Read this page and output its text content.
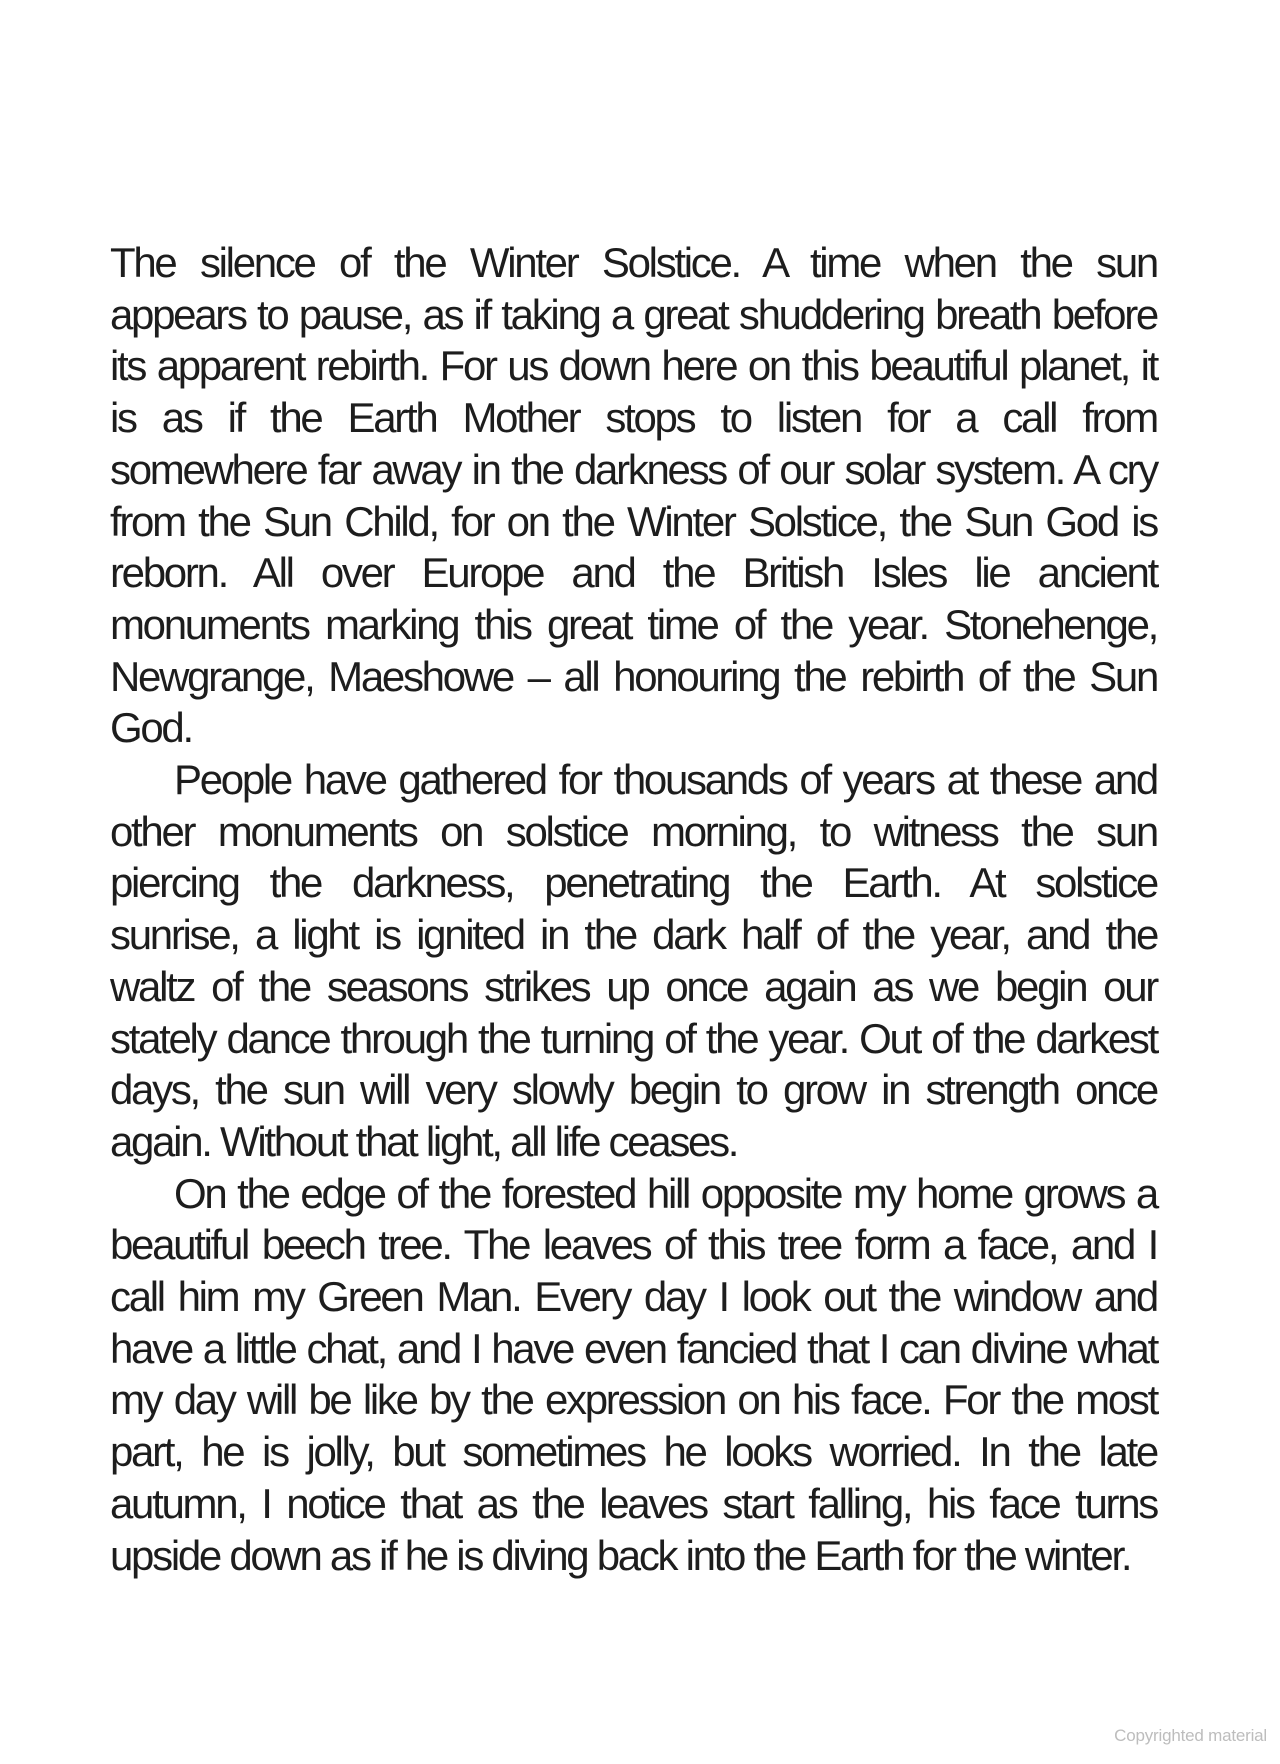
The silence of the Winter Solstice. A time when the sun
appears to pause, as if taking a great shuddering breath before
its apparent rebirth. For us down here on this beautiful planet, it
is as if the Earth Mother stops to listen for a call from
somewhere far away in the darkness of our solar system. A cry
from the Sun Child, for on the Winter Solstice, the Sun God is
reborn. All over Europe and the British Isles lie ancient
monuments marking this great time of the year. Stonehenge,
Newgrange, Maeshowe – all honouring the rebirth of the Sun
God.
People have gathered for thousands of years at these and
other monuments on solstice morning, to witness the sun
piercing the darkness, penetrating the Earth. At solstice
sunrise, a light is ignited in the dark half of the year, and the
waltz of the seasons strikes up once again as we begin our
stately dance through the turning of the year. Out of the darkest
days, the sun will very slowly begin to grow in strength once
again. Without that light, all life ceases.
On the edge of the forested hill opposite my home grows a
beautiful beech tree. The leaves of this tree form a face, and I
call him my Green Man. Every day I look out the window and
have a little chat, and I have even fancied that I can divine what
my day will be like by the expression on his face. For the most
part, he is jolly, but sometimes he looks worried. In the late
autumn, I notice that as the leaves start falling, his face turns
upside down as if he is diving back into the Earth for the winter.
Copyrighted material
